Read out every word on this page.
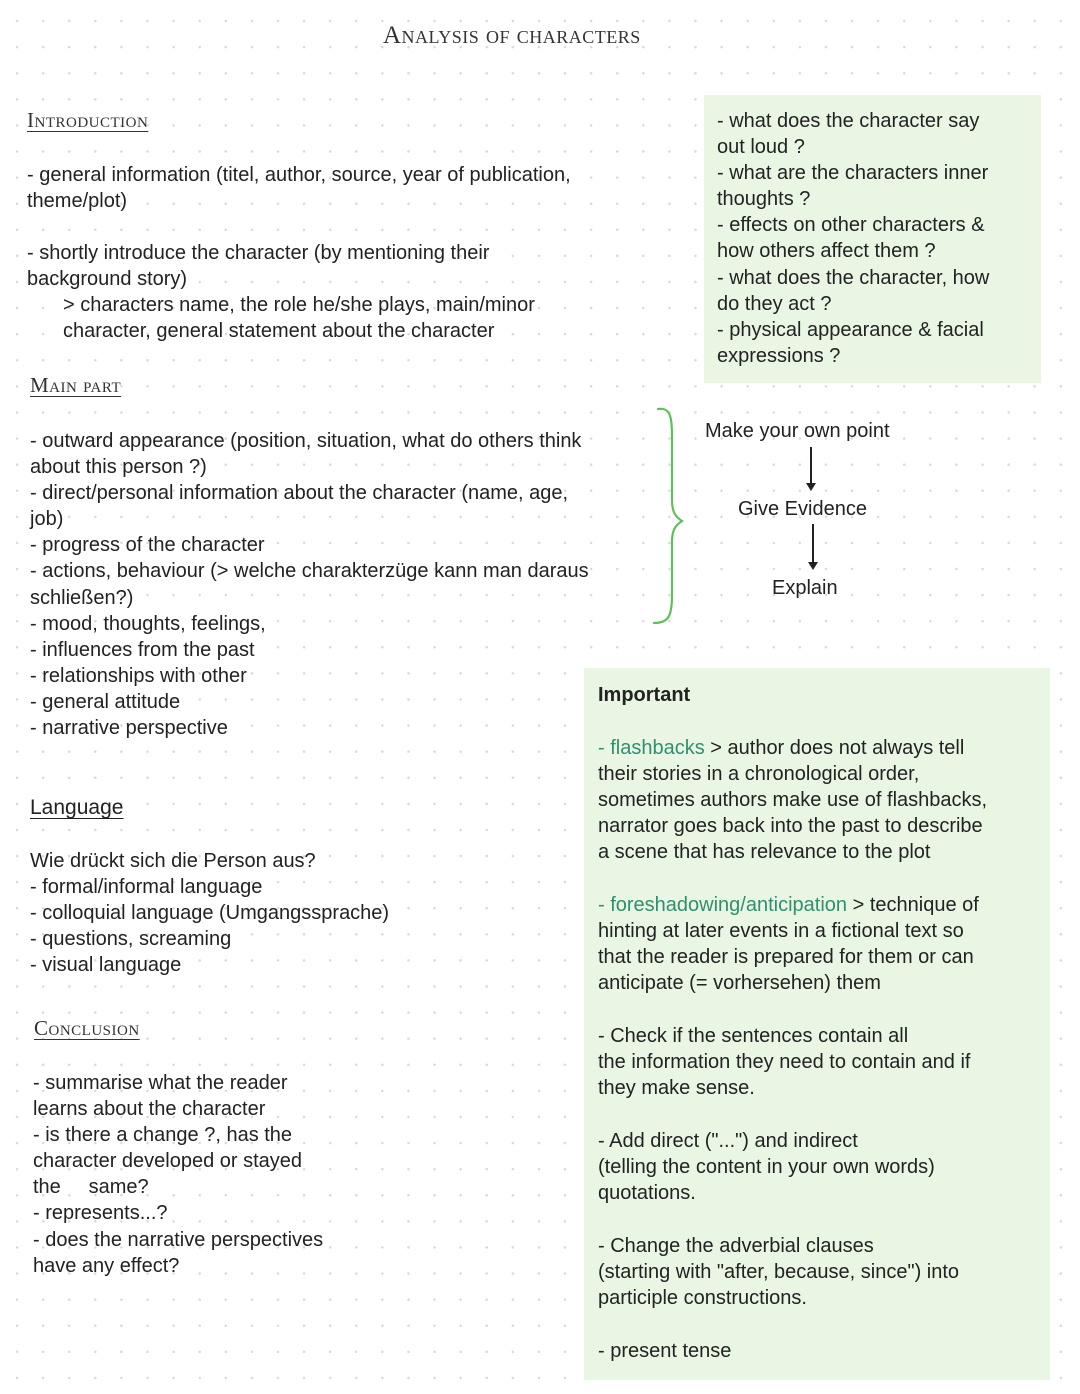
Analysis of characters
Introduction
- general information (titel, author, source, year of publication,
theme/plot)
- shortly introduce the character (by mentioning their
background story)
> characters name, the role he/she plays, main/minor
character, general statement about the character
Main part
- outward appearance (position, situation, what do others think
about this person ?)
- direct/personal information about the character (name, age,
job)
- progress of the character
- actions, behaviour (> welche charakterzüge kann man daraus
schließen?)
- mood, thoughts, feelings,
- influences from the past
- relationships with other
- general attitude
- narrative perspective
- what does the character say
out loud ?
- what are the characters inner
thoughts ?
- effects on other characters &
how others affect them ?
- what does the character, how
do they act ?
- physical appearance & facial
expressions ?
Make your own point
Give Evidence
Explain
Language
Wie drückt sich die Person aus?
- formal/informal language
- colloquial language (Umgangssprache)
- questions, screaming
- visual language
Conclusion
- summarise what the reader
learns about the character
- is there a change ?, has the
character developed or stayed
the     same?
- represents...?
- does the narrative perspectives
have any effect?
Important
- flashbacks > author does not always tell
their stories in a chronological order,
sometimes authors make use of flashbacks,
narrator goes back into the past to describe
a scene that has relevance to the plot
- foreshadowing/anticipation > technique of
hinting at later events in a fictional text so
that the reader is prepared for them or can
anticipate (= vorhersehen) them
- Check if the sentences contain all
the information they need to contain and if
they make sense.
- Add direct ("...") and indirect
(telling the content in your own words)
quotations.
- Change the adverbial clauses
(starting with "after, because, since") into
participle constructions.
- present tense
